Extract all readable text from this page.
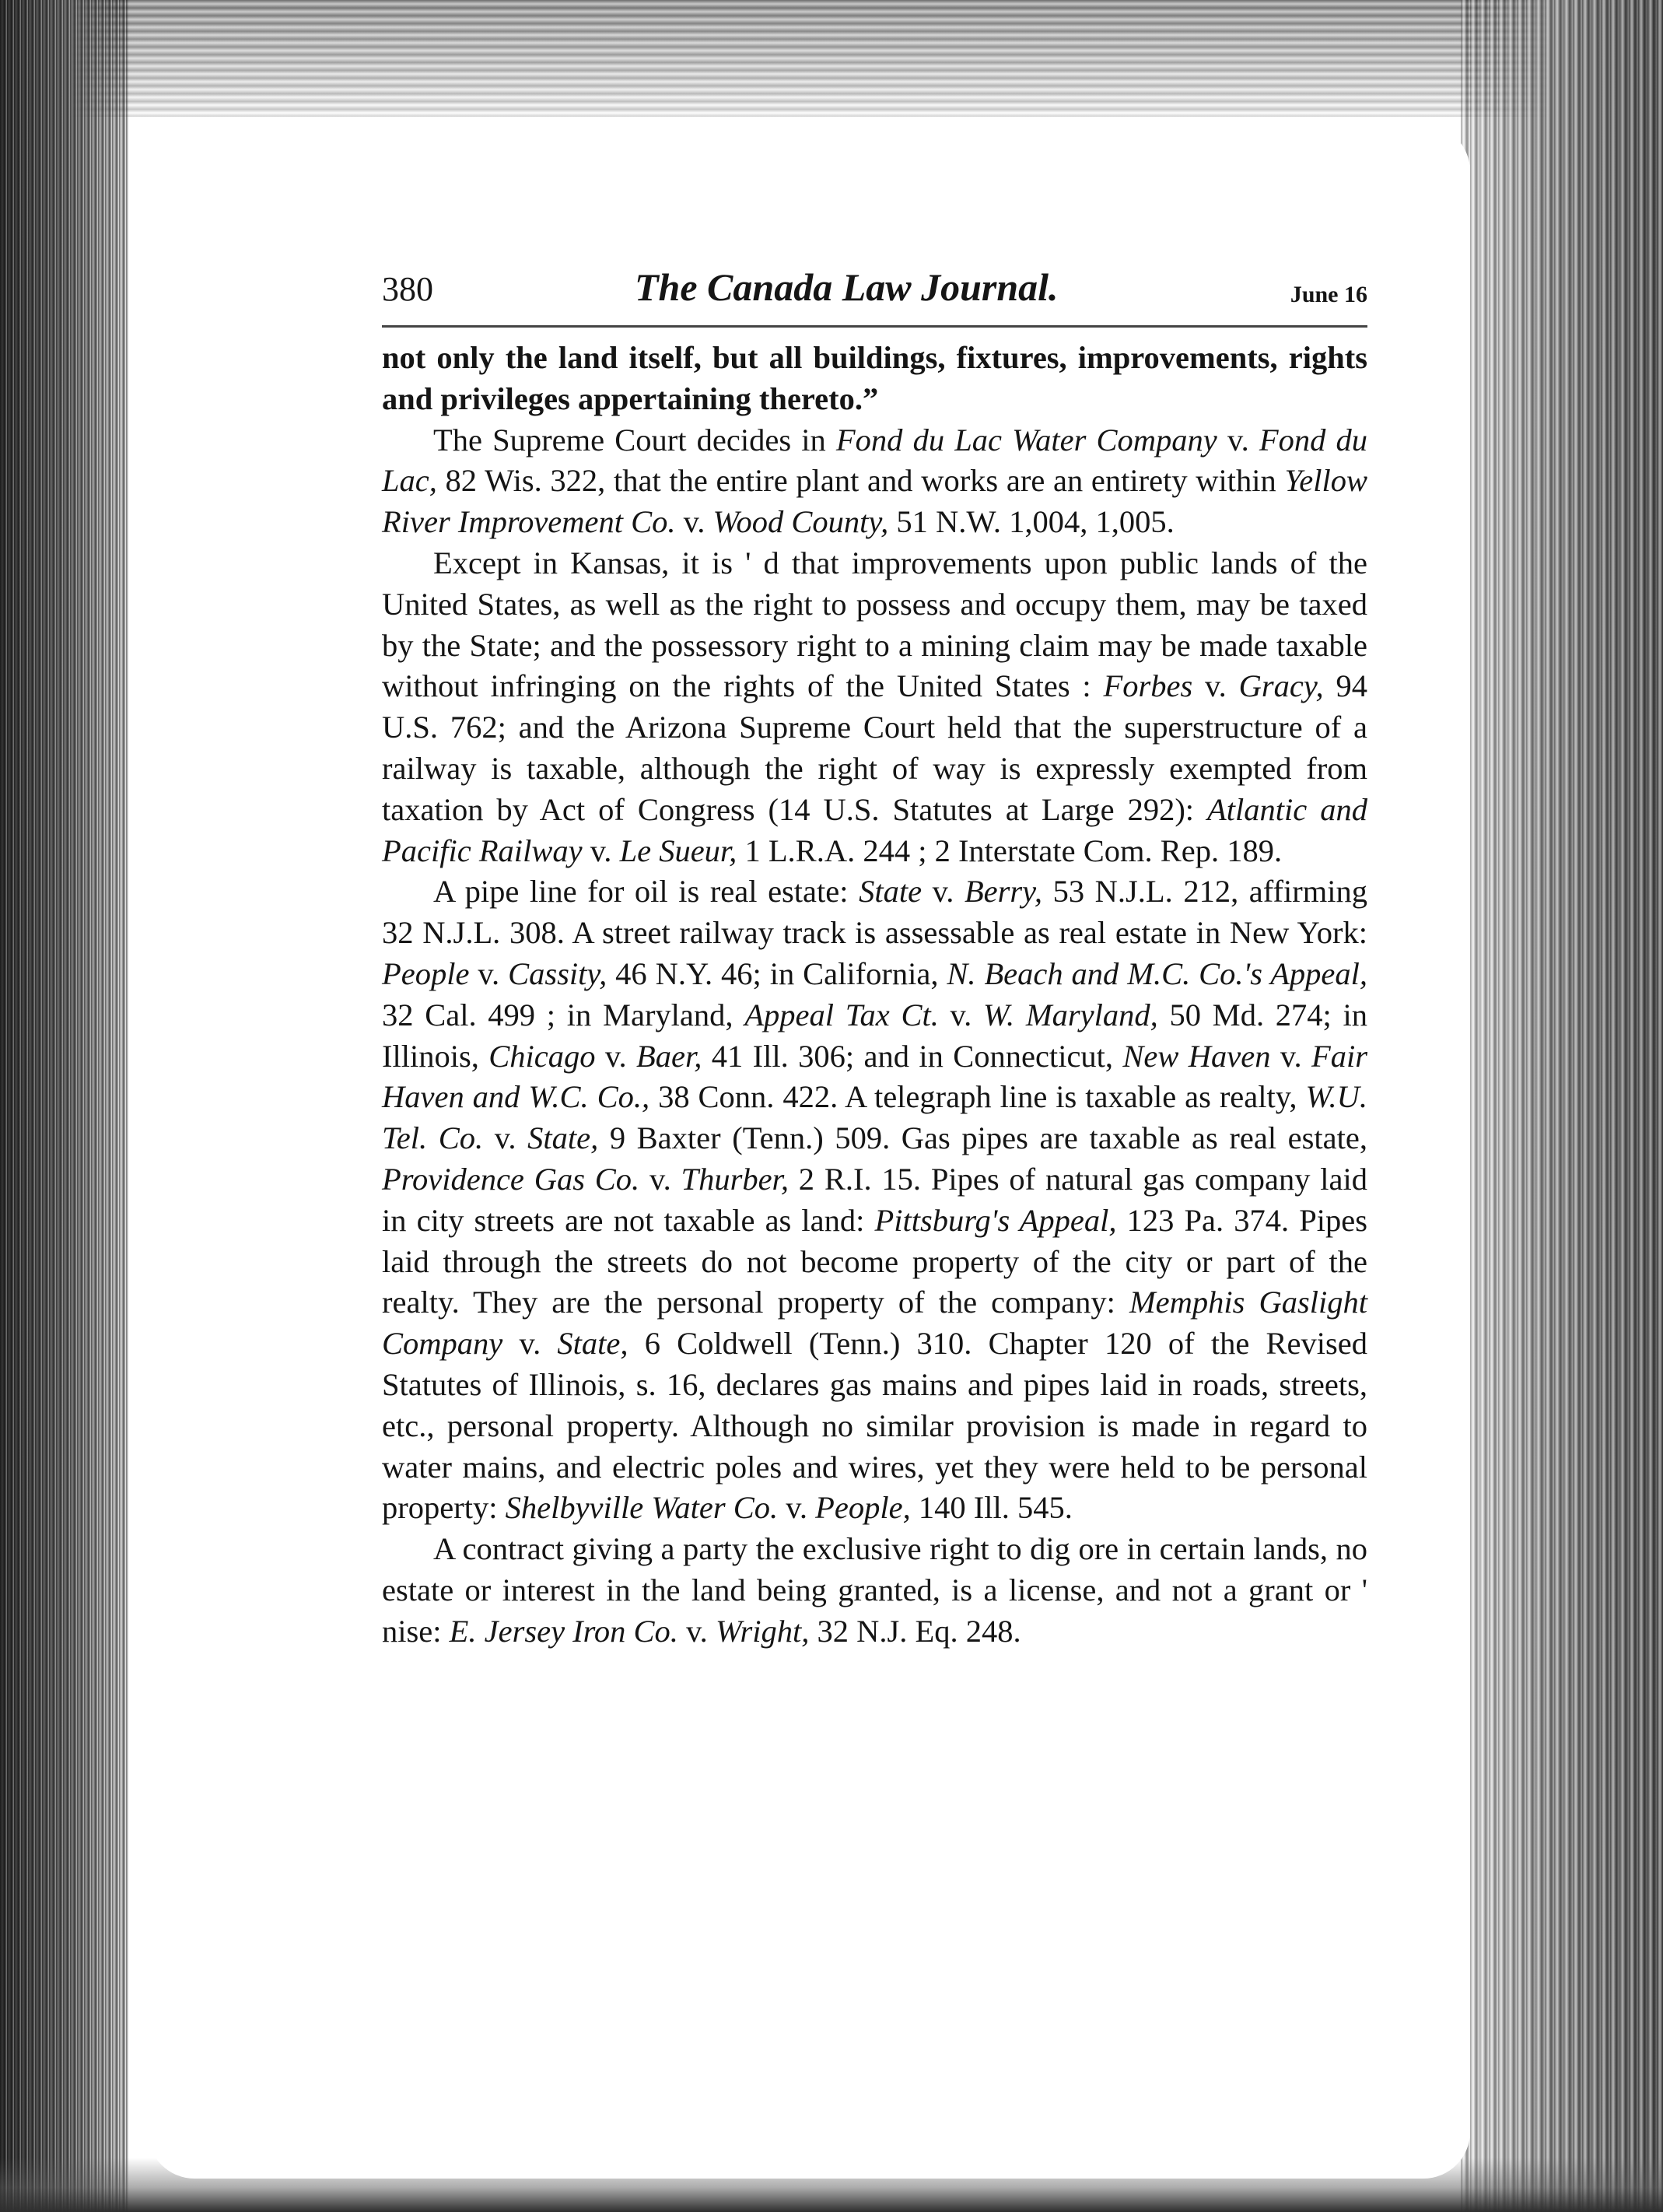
380	The Canada Law Journal.	June 16

not only the land itself, but all buildings, fixtures, improvements, rights and privileges appertaining thereto.”

The Supreme Court decides in Fond du Lac Water Company v. Fond du Lac, 82 Wis. 322, that the entire plant and works are an entirety within Yellow River Improvement Co. v. Wood County, 51 N.W. 1,004, 1,005.

Except in Kansas, it is ' d that improvements upon public lands of the United States, as well as the right to possess and occupy them, may be taxed by the State; and the possessory right to a mining claim may be made taxable without infringing on the rights of the United States : Forbes v. Gracy, 94 U.S. 762; and the Arizona Supreme Court held that the superstructure of a railway is taxable, although the right of way is expressly exempted from taxation by Act of Congress (14 U.S. Statutes at Large 292): Atlantic and Pacific Railway v. Le Sueur, 1 L.R.A. 244 ; 2 Interstate Com. Rep. 189.

A pipe line for oil is real estate: State v. Berry, 53 N.J.L. 212, affirming 32 N.J.L. 308. A street railway track is assessable as real estate in New York: People v. Cassity, 46 N.Y. 46; in California, N. Beach and M.C. Co.'s Appeal, 32 Cal. 499 ; in Maryland, Appeal Tax Ct. v. W. Maryland, 50 Md. 274; in Illinois, Chicago v. Baer, 41 Ill. 306; and in Connecticut, New Haven v. Fair Haven and W.C. Co., 38 Conn. 422. A telegraph line is taxable as realty, W.U. Tel. Co. v. State, 9 Baxter (Tenn.) 509. Gas pipes are taxable as real estate, Providence Gas Co. v. Thurber, 2 R.I. 15. Pipes of natural gas company laid in city streets are not taxable as land: Pittsburg's Appeal, 123 Pa. 374. Pipes laid through the streets do not become property of the city or part of the realty. They are the personal property of the company: Memphis Gaslight Company v. State, 6 Coldwell (Tenn.) 310. Chapter 120 of the Revised Statutes of Illinois, s. 16, declares gas mains and pipes laid in roads, streets, etc., personal property. Although no similar provision is made in regard to water mains, and electric poles and wires, yet they were held to be personal property: Shelbyville Water Co. v. People, 140 Ill. 545.

A contract giving a party the exclusive right to dig ore in certain lands, no estate or interest in the land being granted, is a license, and not a grant or ' nise: E. Jersey Iron Co. v. Wright, 32 N.J. Eq. 248.
